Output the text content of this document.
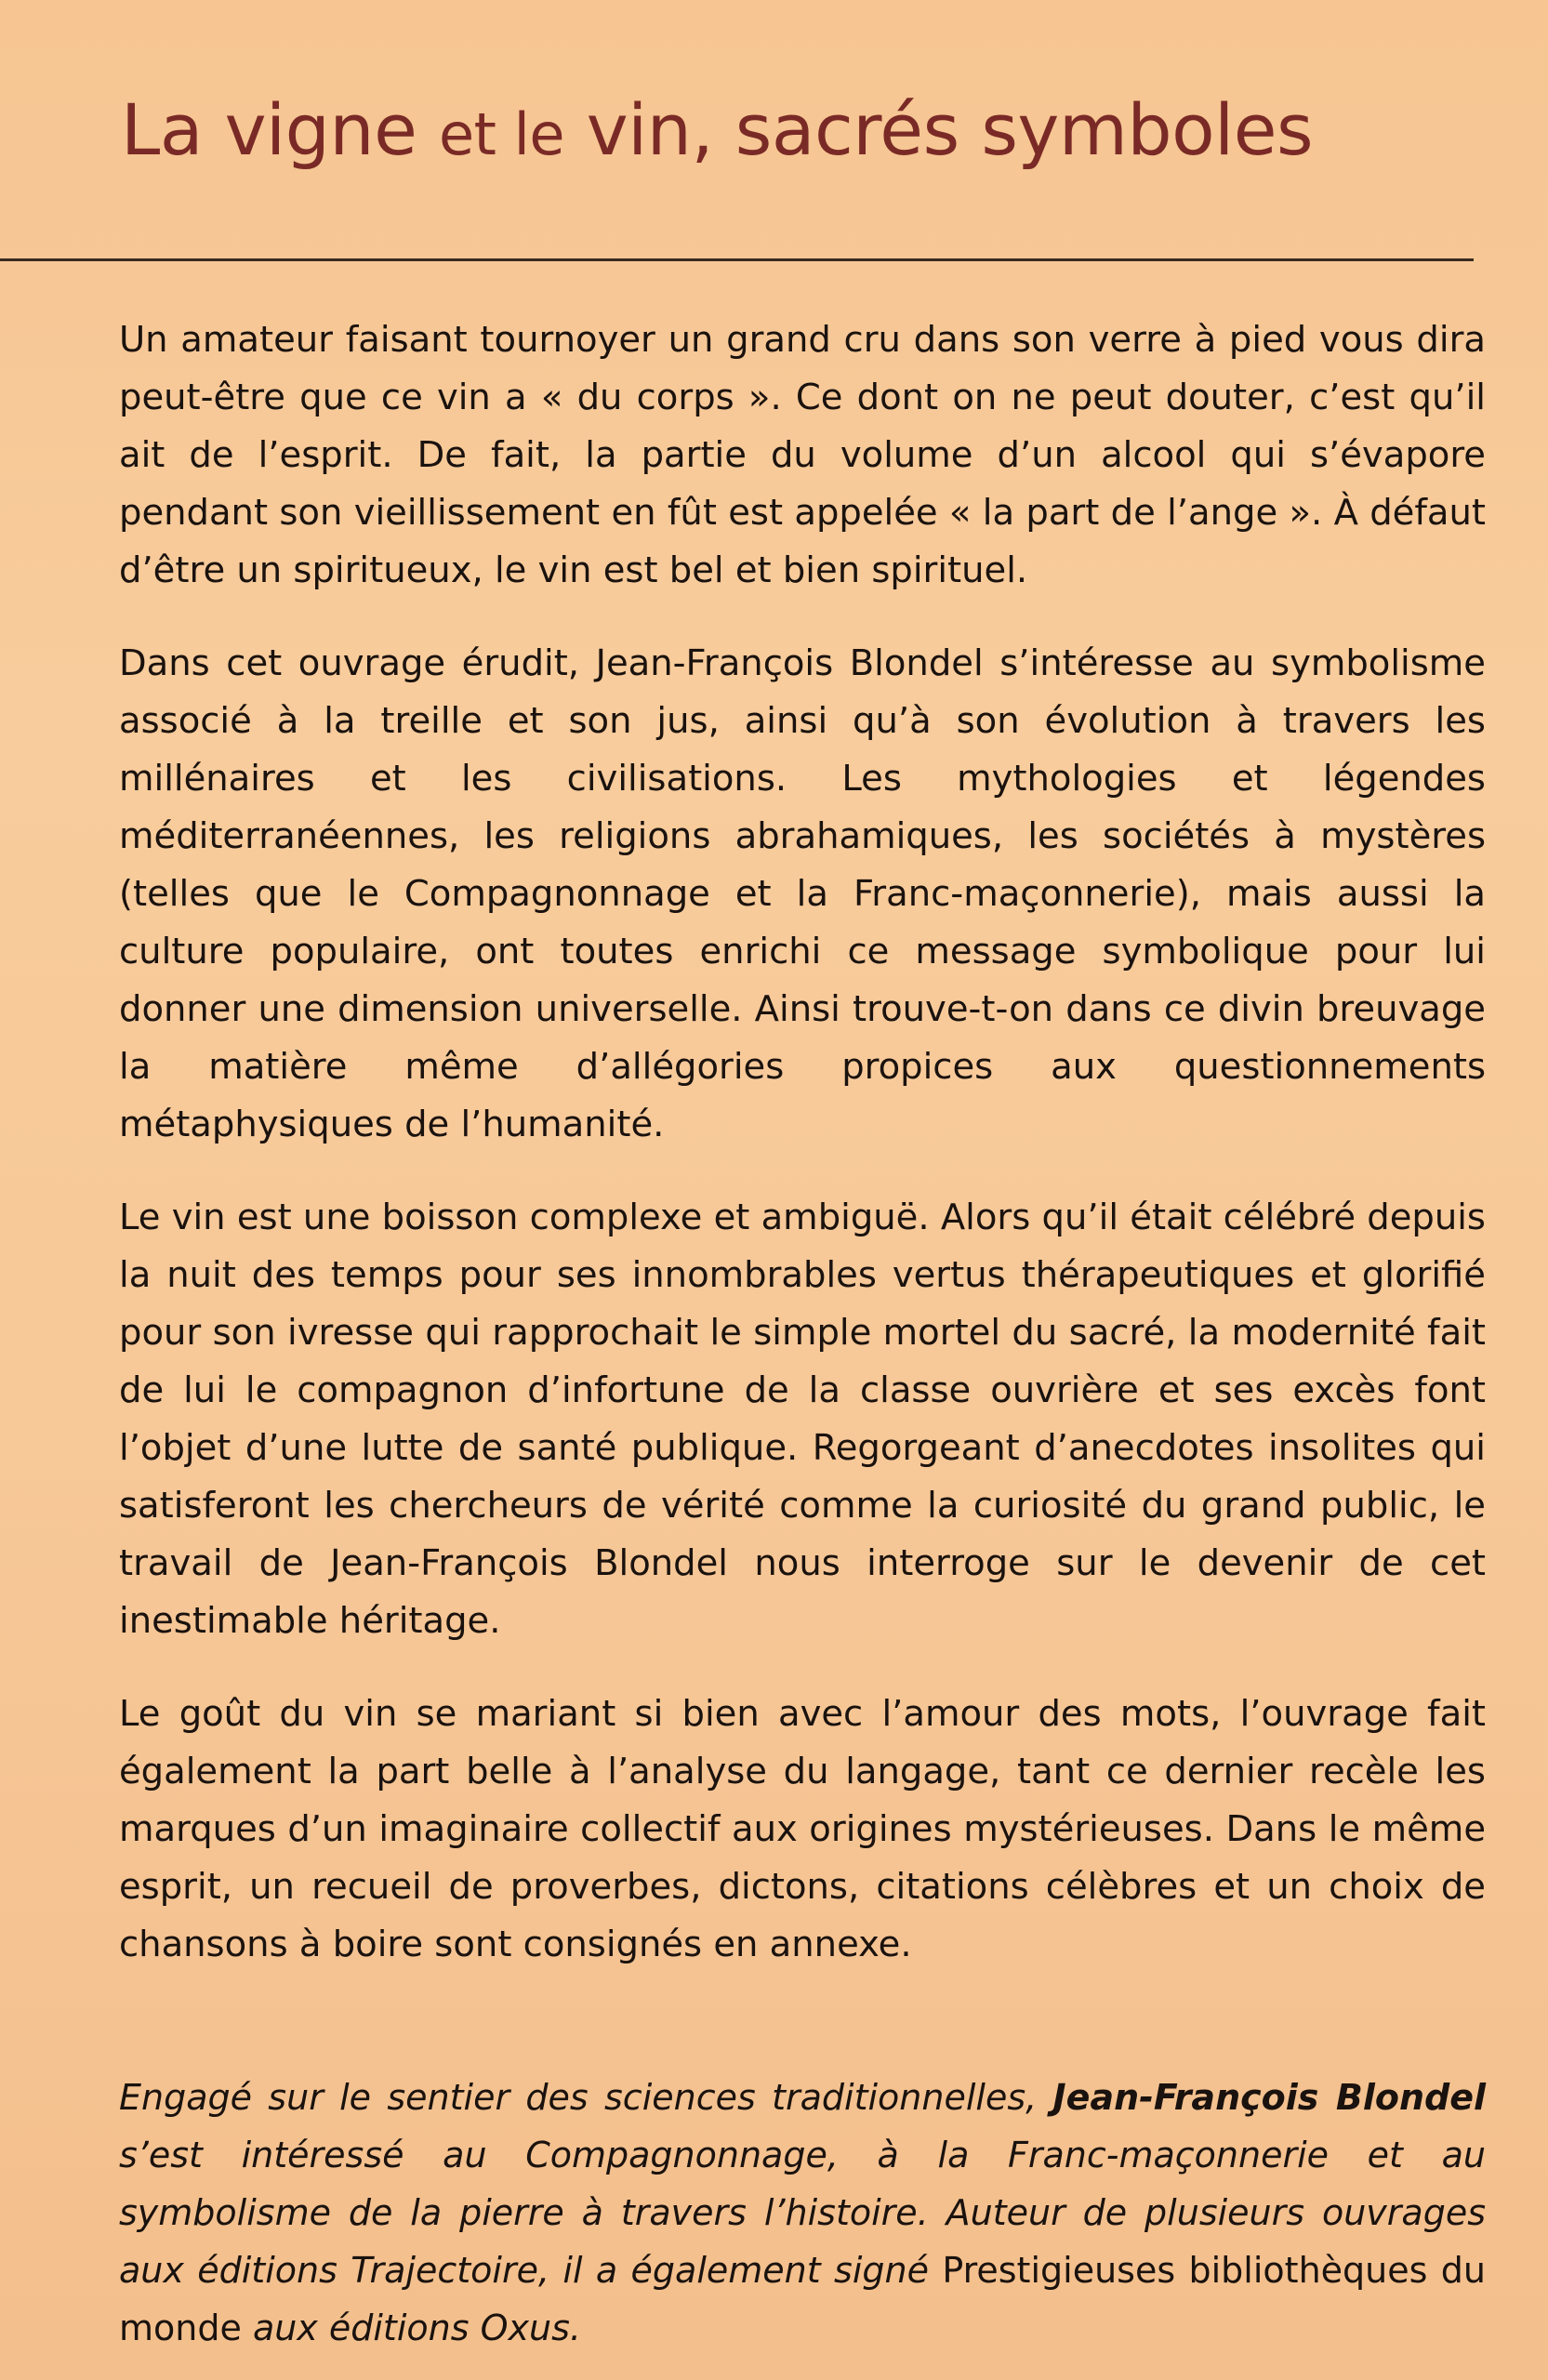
La vigne et le vin, sacrés symboles

Un amateur faisant tournoyer un grand cru dans son verre à pied vous dira peut-être que ce vin a « du corps ». Ce dont on ne peut douter, c’est qu’il ait de l’esprit. De fait, la partie du volume d’un alcool qui s’évapore pendant son vieillissement en fût est appelée « la part de l’ange ». À défaut d’être un spiritueux, le vin est bel et bien spirituel.

Dans cet ouvrage érudit, Jean-François Blondel s’intéresse au symbolisme associé à la treille et son jus, ainsi qu’à son évolution à travers les millénaires et les civilisations. Les mythologies et légendes méditerranéennes, les religions abrahamiques, les sociétés à mystères (telles que le Compagnonnage et la Franc-maçonnerie), mais aussi la culture populaire, ont toutes enrichi ce message symbolique pour lui donner une dimension universelle. Ainsi trouve-t-on dans ce divin breuvage la matière même d’allégories propices aux questionnements métaphysiques de l’humanité.

Le vin est une boisson complexe et ambiguë. Alors qu’il était célébré depuis la nuit des temps pour ses innombrables vertus thérapeutiques et glorifié pour son ivresse qui rapprochait le simple mortel du sacré, la modernité fait de lui le compagnon d’infortune de la classe ouvrière et ses excès font l’objet d’une lutte de santé publique. Regorgeant d’anecdotes insolites qui satisferont les chercheurs de vérité comme la curiosité du grand public, le travail de Jean-François Blondel nous interroge sur le devenir de cet inestimable héritage.

Le goût du vin se mariant si bien avec l’amour des mots, l’ouvrage fait également la part belle à l’analyse du langage, tant ce dernier recèle les marques d’un imaginaire collectif aux origines mystérieuses. Dans le même esprit, un recueil de proverbes, dictons, citations célèbres et un choix de chansons à boire sont consignés en annexe.

Engagé sur le sentier des sciences traditionnelles, Jean-François Blondel s’est intéressé au Compagnonnage, à la Franc-maçonnerie et au symbolisme de la pierre à travers l’histoire. Auteur de plusieurs ouvrages aux éditions Trajectoire, il a également signé Prestigieuses bibliothèques du monde aux éditions Oxus.
